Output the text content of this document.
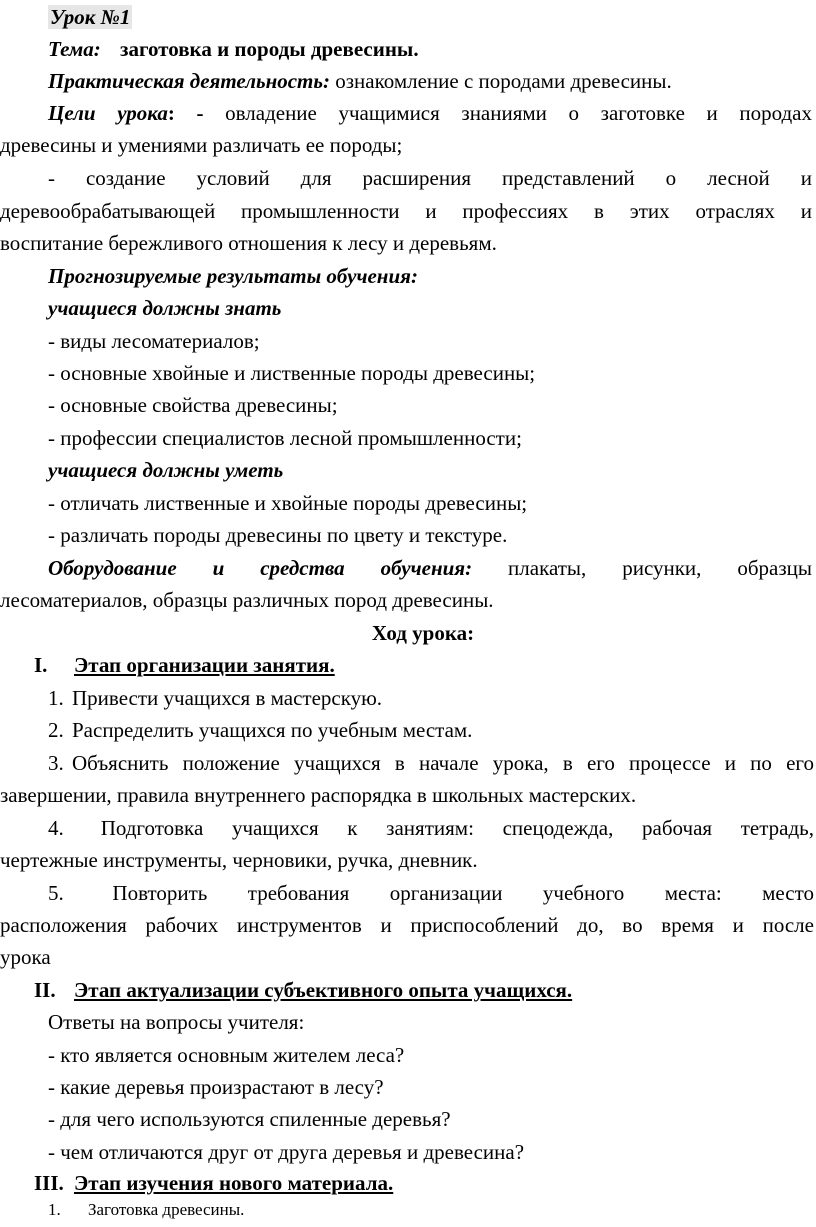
Урок №1

Тема: заготовка и породы древесины.

Практическая деятельность: ознакомление с породами древесины.

Цели урока: - овладение учащимися знаниями о заготовке и породах

древесины и умениями различать ее породы;

- создание условий для расширения представлений о лесной и

деревообрабатывающей промышленности и профессиях в этих отраслях и

воспитание бережливого отношения к лесу и деревьям.

Прогнозируемые результаты обучения:

учащиеся должны знать

- виды лесоматериалов;

- основные хвойные и лиственные породы древесины;

- основные свойства древесины;

- профессии специалистов лесной промышленности;

учащиеся должны уметь

- отличать лиственные и хвойные породы древесины;

- различать породы древесины по цвету и текстуре.

Оборудование и средства обучения: плакаты, рисунки, образцы

лесоматериалов, образцы различных пород древесины.

Ход урока:

I. Этап организации занятия.

1. Привести учащихся в мастерскую.

2. Распределить учащихся по учебным местам.

3. Объяснить положение учащихся в начале урока, в его процессе и по его

завершении, правила внутреннего распорядка в школьных мастерских.

4. Подготовка учащихся к занятиям: спецодежда, рабочая тетрадь,

чертежные инструменты, черновики, ручка, дневник.

5. Повторить требования организации учебного места: место

расположения рабочих инструментов и приспособлений до, во время и после

урока

II. Этап актуализации субъективного опыта учащихся.

Ответы на вопросы учителя:

- кто является основным жителем леса?

- какие деревья произрастают в лесу?

- для чего используются спиленные деревья?

- чем отличаются друг от друга деревья и древесина?

III. Этап изучения нового материала.

1. Заготовка древесины.
